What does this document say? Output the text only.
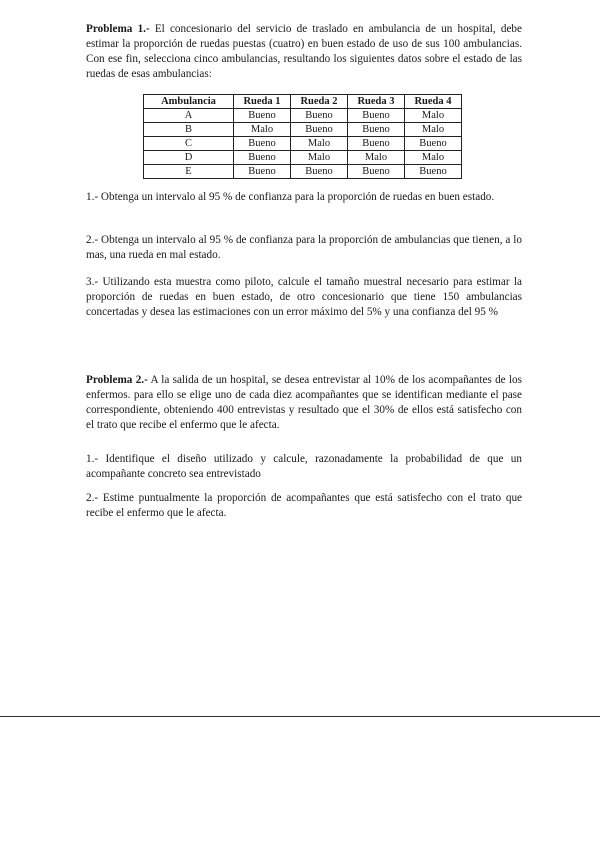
Problema 1.- El concesionario del servicio de traslado en ambulancia de un hospital, debe estimar la proporción de ruedas puestas (cuatro) en buen estado de uso de sus 100 ambulancias. Con ese fin, selecciona cinco ambulancias, resultando los siguientes datos sobre el estado de las ruedas de esas ambulancias:

Ambulancia	Rueda 1	Rueda 2	Rueda 3	Rueda 4
A	Bueno	Bueno	Bueno	Malo
B	Malo	Bueno	Bueno	Malo
C	Bueno	Malo	Bueno	Bueno
D	Bueno	Malo	Malo	Malo
E	Bueno	Bueno	Bueno	Bueno

1.- Obtenga un intervalo al 95 % de confianza para la proporción de ruedas en buen estado.

2.- Obtenga un intervalo al 95 % de confianza para la proporción de ambulancias que tienen, a lo mas, una rueda en mal estado.

3.- Utilizando esta muestra como piloto, calcule el tamaño muestral necesario para estimar la proporción de ruedas en buen estado, de otro concesionario que tiene 150 ambulancias concertadas y desea las estimaciones con un error máximo del 5% y una confianza del 95 %

Problema 2.- A la salida de un hospital, se desea entrevistar al 10% de los acompañantes de los enfermos. para ello se elige uno de cada diez acompañantes que se identifican mediante el pase correspondiente, obteniendo 400 entrevistas y resultado que el 30% de ellos está satisfecho con el trato que recibe el enfermo que le afecta.

1.- Identifique el diseño utilizado y calcule, razonadamente la probabilidad de que un acompañante concreto sea entrevistado

2.- Estime puntualmente la proporción de acompañantes que está satisfecho con el trato que recibe el enfermo que le afecta.
